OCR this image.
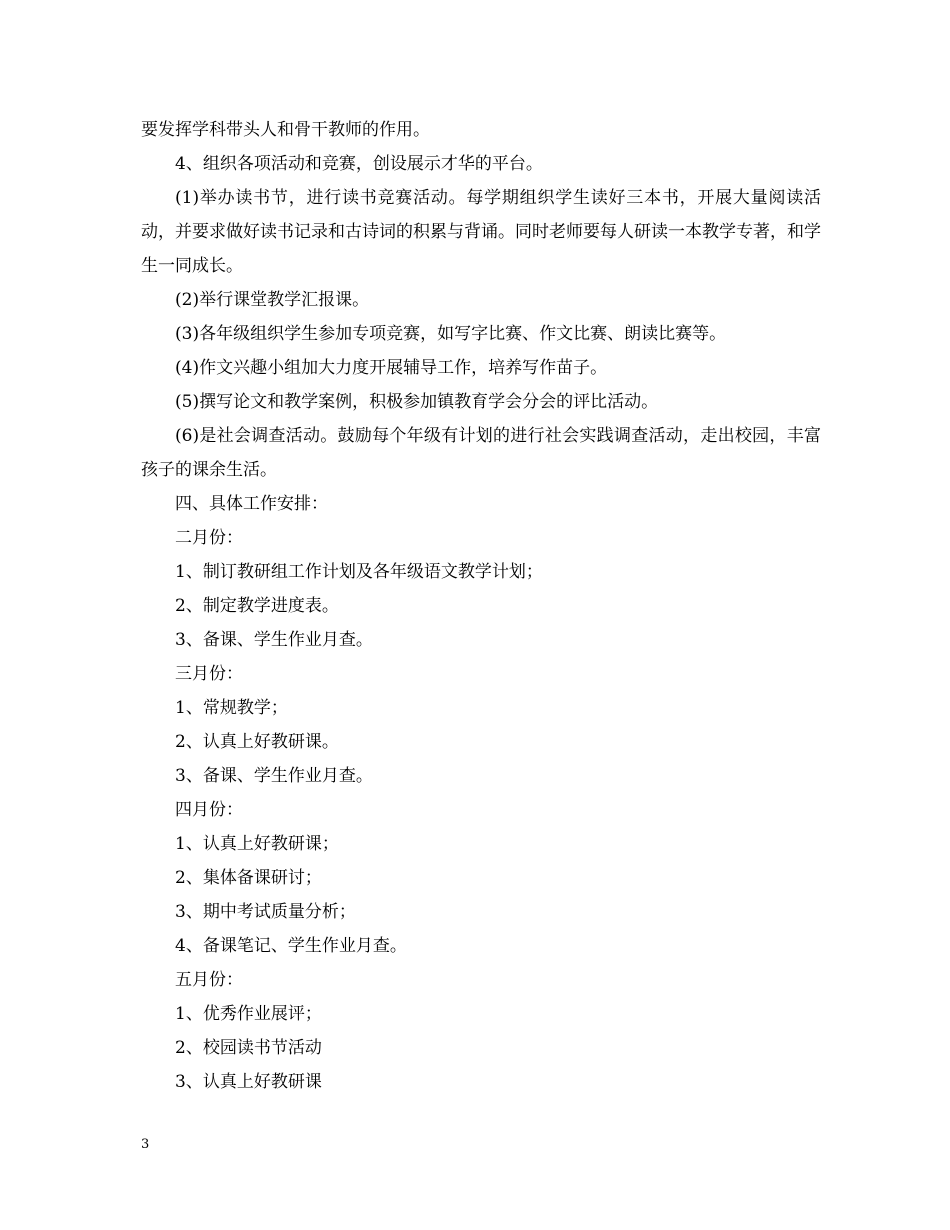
要发挥学科带头人和骨干教师的作用。

4、组织各项活动和竞赛，创设展示才华的平台。

(1)举办读书节，进行读书竞赛活动。每学期组织学生读好三本书，开展大量阅读活动，并要求做好读书记录和古诗词的积累与背诵。同时老师要每人研读一本教学专著，和学生一同成长。

(2)举行课堂教学汇报课。

(3)各年级组织学生参加专项竞赛，如写字比赛、作文比赛、朗读比赛等。

(4)作文兴趣小组加大力度开展辅导工作，培养写作苗子。

(5)撰写论文和教学案例，积极参加镇教育学会分会的评比活动。

(6)是社会调查活动。鼓励每个年级有计划的进行社会实践调查活动，走出校园，丰富孩子的课余生活。

四、具体工作安排：

二月份：

1、制订教研组工作计划及各年级语文教学计划；

2、制定教学进度表。

3、备课、学生作业月查。

三月份：

1、常规教学；

2、认真上好教研课。

3、备课、学生作业月查。

四月份：

1、认真上好教研课；

2、集体备课研讨；

3、期中考试质量分析；

4、备课笔记、学生作业月查。

五月份：

1、优秀作业展评；

2、校园读书节活动

3、认真上好教研课

3
